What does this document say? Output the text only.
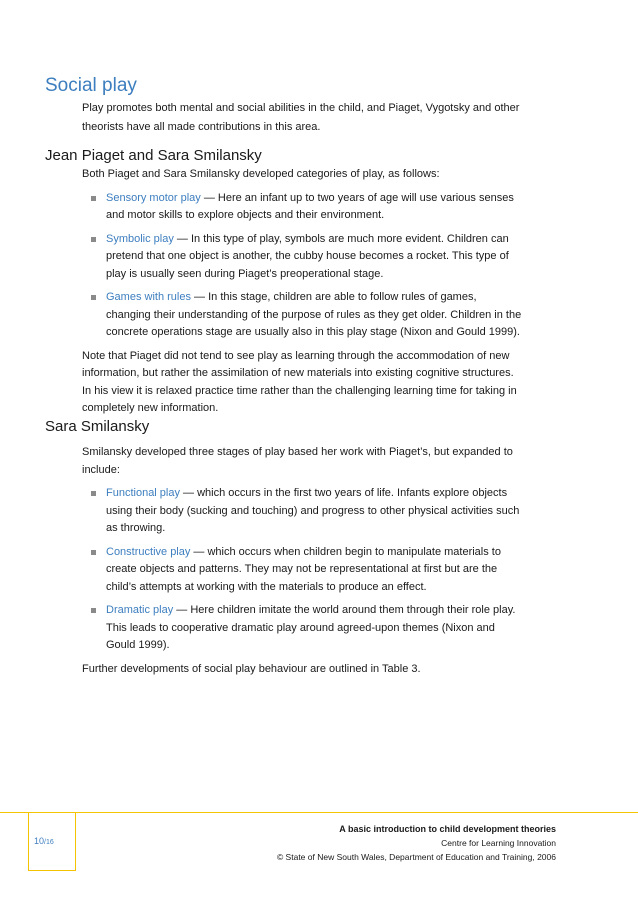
Social play

Play promotes both mental and social abilities in the child, and Piaget, Vygotsky and other theorists have all made contributions in this area.

Jean Piaget and Sara Smilansky

Both Piaget and Sara Smilansky developed categories of play, as follows:

Sensory motor play — Here an infant up to two years of age will use various senses and motor skills to explore objects and their environment.
Symbolic play — In this type of play, symbols are much more evident. Children can pretend that one object is another, the cubby house becomes a rocket. This type of play is usually seen during Piaget’s preoperational stage.
Games with rules — In this stage, children are able to follow rules of games, changing their understanding of the purpose of rules as they get older. Children in the concrete operations stage are usually also in this play stage (Nixon and Gould 1999).

Note that Piaget did not tend to see play as learning through the accommodation of new information, but rather the assimilation of new materials into existing cognitive structures. In his view it is relaxed practice time rather than the challenging learning time for taking in completely new information.

Sara Smilansky

Smilansky developed three stages of play based her work with Piaget’s, but expanded to include:

Functional play — which occurs in the first two years of life. Infants explore objects using their body (sucking and touching) and progress to other physical activities such as throwing.
Constructive play — which occurs when children begin to manipulate materials to create objects and patterns. They may not be representational at first but are the child’s attempts at working with the materials to produce an effect.
Dramatic play — Here children imitate the world around them through their role play. This leads to cooperative dramatic play around agreed-upon themes (Nixon and Gould 1999).

Further developments of social play behaviour are outlined in Table 3.

10/16
A basic introduction to child development theories
Centre for Learning Innovation
© State of New South Wales, Department of Education and Training, 2006
